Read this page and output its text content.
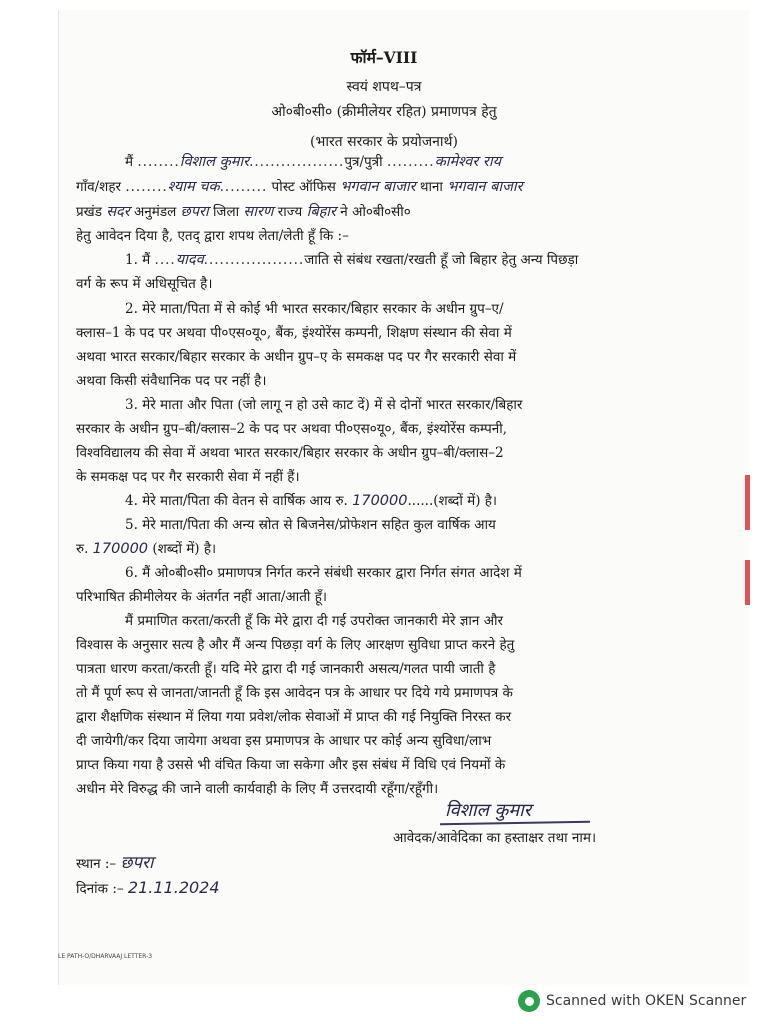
फॉर्म–VIII
स्वयं शपथ–पत्र
ओ०बी०सी० (क्रीमीलेयर रहित) प्रमाणपत्र हेतु
(भारत सरकार के प्रयोजनार्थ)
मैं ........विशाल कुमार..................पुत्र/पुत्री .........कामेश्वर राय
गाँव/शहर ........श्याम चक......... पोस्ट ऑफिस भगवान बाजार थाना भगवान बाजार
प्रखंड सदर अनुमंडल छपरा जिला सारण राज्य बिहार ने ओ०बी०सी०
हेतु आवेदन दिया है, एतद् द्वारा शपथ लेता/लेती हूँ कि :–
1. मैं ....यादव...................जाति से संबंध रखता/रखती हूँ जो बिहार हेतु अन्य पिछड़ा
वर्ग के रूप में अधिसूचित है।
2. मेरे माता/पिता में से कोई भी भारत सरकार/बिहार सरकार के अधीन ग्रुप–ए/
क्लास–1 के पद पर अथवा पी०एस०यू०, बैंक, इंश्योरेंस कम्पनी, शिक्षण संस्थान की सेवा में
अथवा भारत सरकार/बिहार सरकार के अधीन ग्रुप–ए के समकक्ष पद पर गैर सरकारी सेवा में
अथवा किसी संवैधानिक पद पर नहीं है।
3. मेरे माता और पिता (जो लागू न हो उसे काट दें) में से दोनों भारत सरकार/बिहार
सरकार के अधीन ग्रुप–बी/क्लास–2 के पद पर अथवा पी०एस०यू०, बैंक, इंश्योरेंस कम्पनी,
विश्वविद्यालय की सेवा में अथवा भारत सरकार/बिहार सरकार के अधीन ग्रुप–बी/क्लास–2
के समकक्ष पद पर गैर सरकारी सेवा में नहीं हैं।
4. मेरे माता/पिता की वेतन से वार्षिक आय रु. 170000......(शब्दों में) है।
5. मेरे माता/पिता की अन्य स्रोत से बिजनेस/प्रोफेशन सहित कुल वार्षिक आय
रु. 170000 (शब्दों में) है।
6. मैं ओ०बी०सी० प्रमाणपत्र निर्गत करने संबंधी सरकार द्वारा निर्गत संगत आदेश में
परिभाषित क्रीमीलेयर के अंतर्गत नहीं आता/आती हूँ।
मैं प्रमाणित करता/करती हूँ कि मेरे द्वारा दी गई उपरोक्त जानकारी मेरे ज्ञान और
विश्वास के अनुसार सत्य है और मैं अन्य पिछड़ा वर्ग के लिए आरक्षण सुविधा प्राप्त करने हेतु
पात्रता धारण करता/करती हूँ। यदि मेरे द्वारा दी गई जानकारी असत्य/गलत पायी जाती है
तो मैं पूर्ण रूप से जानता/जानती हूँ कि इस आवेदन पत्र के आधार पर दिये गये प्रमाणपत्र के
द्वारा शैक्षणिक संस्थान में लिया गया प्रवेश/लोक सेवाओं में प्राप्त की गई नियुक्ति निरस्त कर
दी जायेगी/कर दिया जायेगा अथवा इस प्रमाणपत्र के आधार पर कोई अन्य सुविधा/लाभ
प्राप्त किया गया है उससे भी वंचित किया जा सकेगा और इस संबंध में विधि एवं नियमों के
अधीन मेरे विरुद्ध की जाने वाली कार्यवाही के लिए मैं उत्तरदायी रहूँगा/रहूँगी।
विशाल कुमार
आवेदक/आवेदिका का हस्ताक्षर तथा नाम।
स्थान :– छपरा
दिनांक :– 21.11.2024
LE PATH-O/DHARVAAJ LETTER-3
Scanned with OKEN Scanner
